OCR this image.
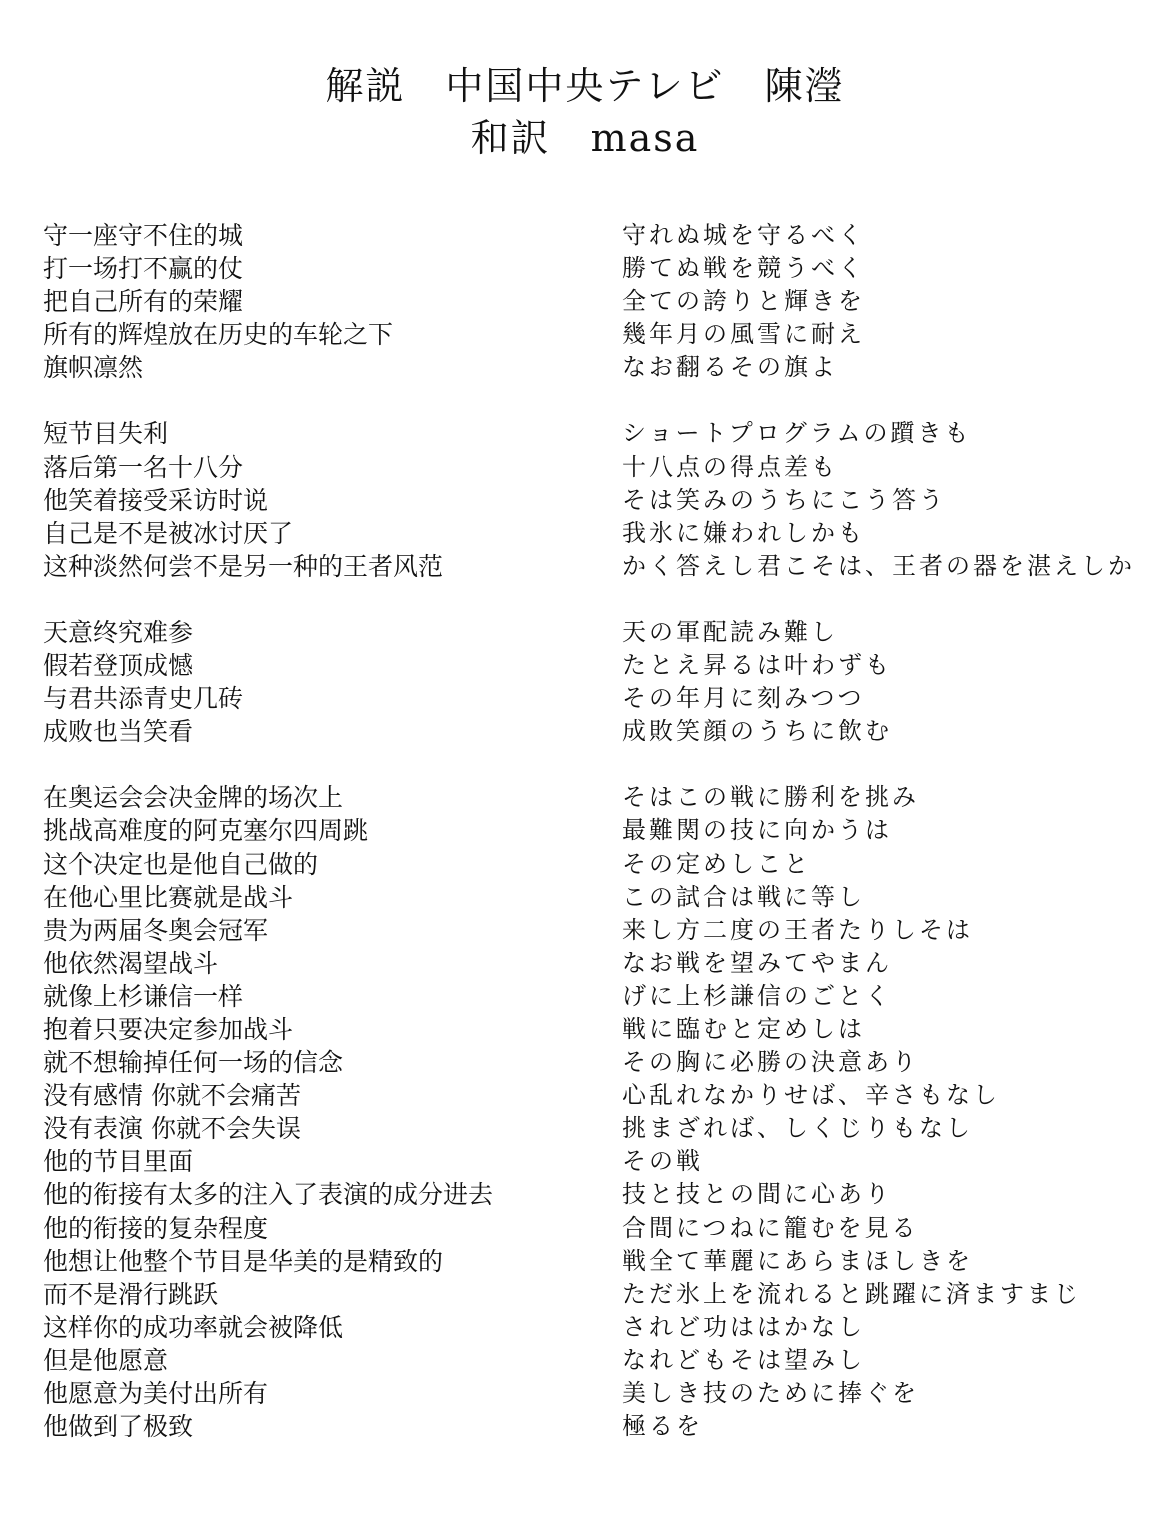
解説　中国中央テレビ　陳瀅
和訳　masa
守一座守不住的城
打一场打不赢的仗
把自己所有的荣耀
所有的辉煌放在历史的车轮之下
旗帜凛然
短节目失利
落后第一名十八分
他笑着接受采访时说
自己是不是被冰讨厌了
这种淡然何尝不是另一种的王者风范
天意终究难参
假若登顶成憾
与君共添青史几砖
成败也当笑看
在奥运会会决金牌的场次上
挑战高难度的阿克塞尔四周跳
这个决定也是他自己做的
在他心里比赛就是战斗
贵为两届冬奥会冠军
他依然渴望战斗
就像上杉谦信一样
抱着只要决定参加战斗
就不想输掉任何一场的信念
没有感情 你就不会痛苦
没有表演 你就不会失误
他的节目里面
他的衔接有太多的注入了表演的成分进去
他的衔接的复杂程度
他想让他整个节目是华美的是精致的
而不是滑行跳跃
这样你的成功率就会被降低
但是他愿意
他愿意为美付出所有
他做到了极致
守れぬ城を守るべく
勝てぬ戦を競うべく
全ての誇りと輝きを
幾年月の風雪に耐え
なお翻るその旗よ
ショートプログラムの躓きも
十八点の得点差も
そは笑みのうちにこう答う
我氷に嫌われしかも
かく答えし君こそは、王者の器を湛えしか
天の軍配読み難し
たとえ昇るは叶わずも
その年月に刻みつつ
成敗笑顔のうちに飲む
そはこの戦に勝利を挑み
最難関の技に向かうは
その定めしこと
この試合は戦に等し
来し方二度の王者たりしそは
なお戦を望みてやまん
げに上杉謙信のごとく
戦に臨むと定めしは
その胸に必勝の決意あり
心乱れなかりせば、辛さもなし
挑まざれば、しくじりもなし
その戦
技と技との間に心あり
合間につねに籠むを見る
戦全て華麗にあらまほしきを
ただ氷上を流れると跳躍に済ますまじ
されど功ははかなし
なれどもそは望みし
美しき技のために捧ぐを
極るを
